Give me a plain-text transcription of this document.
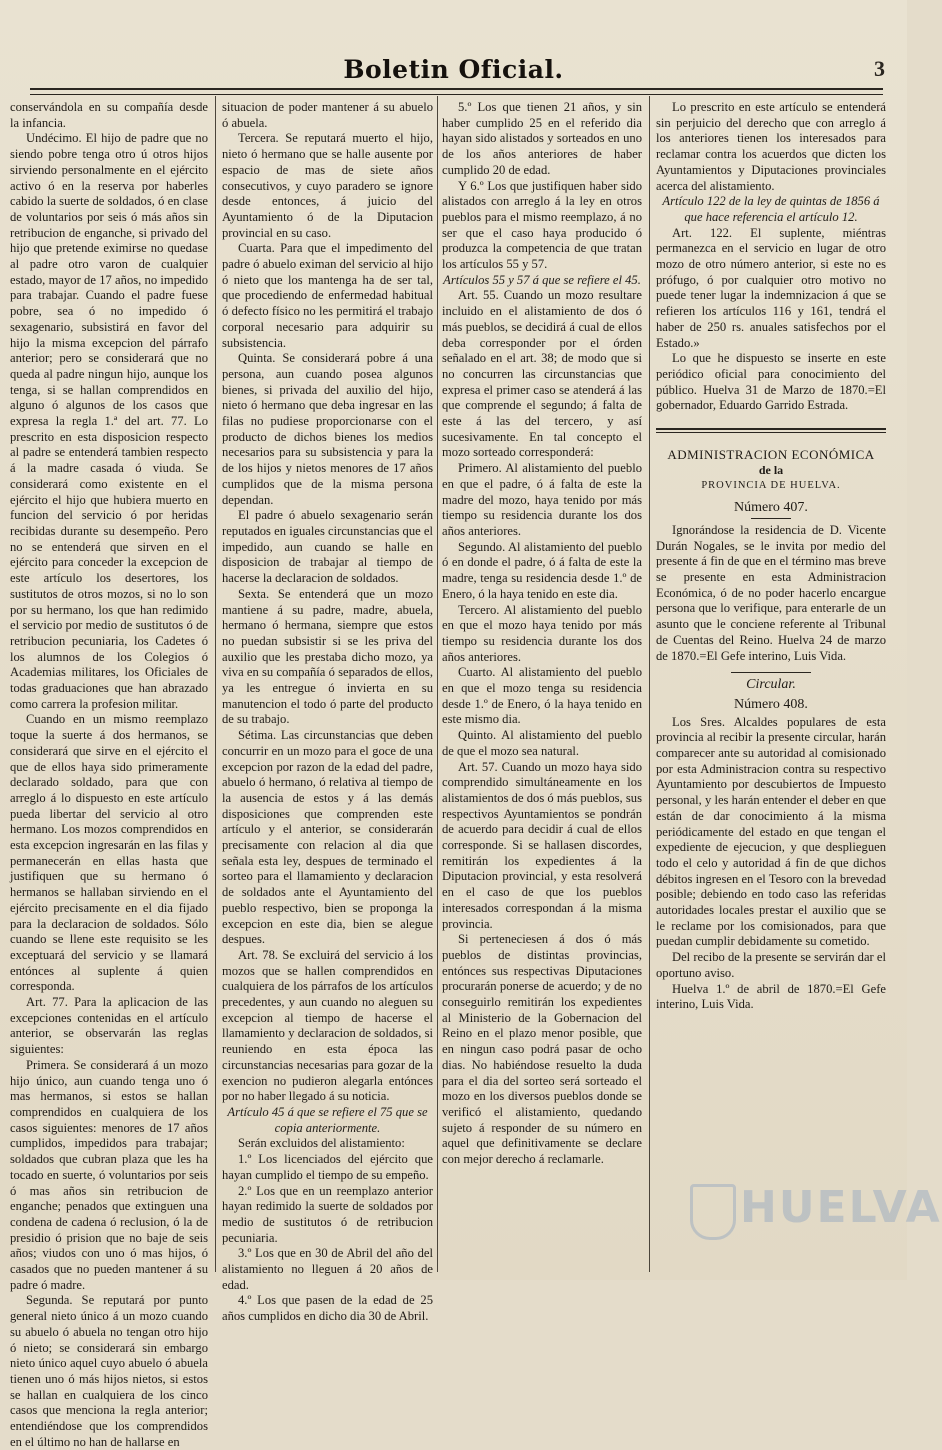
Boletin Oficial.	3

conservándola en su compañía desde la infancia.

Undécimo. El hijo de padre que no siendo pobre tenga otro ú otros hijos sirviendo personalmente en el ejército activo ó en la reserva por haberles cabido la suerte de soldados, ó en clase de voluntarios por seis ó más años sin retribucion de enganche, si privado del hijo que pretende eximirse no quedase al padre otro varon de cualquier estado, mayor de 17 años, no impedido para trabajar. Cuando el padre fuese pobre, sea ó no impedido ó sexagenario, subsistirá en favor del hijo la misma excepcion del párrafo anterior; pero se considerará que no queda al padre ningun hijo, aunque los tenga, si se hallan comprendidos en alguno ó algunos de los casos que expresa la regla 1.ª del art. 77. Lo prescrito en esta disposicion respecto al padre se entenderá tambien respecto á la madre casada ó viuda. Se considerará como existente en el ejército el hijo que hubiera muerto en funcion del servicio ó por heridas recibidas durante su desempeño. Pero no se entenderá que sirven en el ejército para conceder la excepcion de este artículo los desertores, los sustitutos de otros mozos, si no lo son por su hermano, los que han redimido el servicio por medio de sustitutos ó de retribucion pecuniaria, los Cadetes ó los alumnos de los Colegios ó Academias militares, los Oficiales de todas graduaciones que han abrazado como carrera la profesion militar.

Cuando en un mismo reemplazo toque la suerte á dos hermanos, se considerará que sirve en el ejército el que de ellos haya sido primeramente declarado soldado, para que con arreglo á lo dispuesto en este artículo pueda libertar del servicio al otro hermano. Los mozos comprendidos en esta excepcion ingresarán en las filas y permanecerán en ellas hasta que justifiquen que su hermano ó hermanos se hallaban sirviendo en el ejército precisamente en el dia fijado para la declaracion de soldados. Sólo cuando se llene este requisito se les exceptuará del servicio y se llamará entónces al suplente á quien corresponda.

Art. 77. Para la aplicacion de las excepciones contenidas en el artículo anterior, se observarán las reglas siguientes:

Primera. Se considerará á un mozo hijo único, aun cuando tenga uno ó mas hermanos, si estos se hallan comprendidos en cualquiera de los casos siguientes: menores de 17 años cumplidos, impedidos para trabajar; soldados que cubran plaza que les ha tocado en suerte, ó voluntarios por seis ó mas años sin retribucion de enganche; penados que extinguen una condena de cadena ó reclusion, ó la de presidio ó prision que no baje de seis años; viudos con uno ó mas hijos, ó casados que no pueden mantener á su padre ó madre.

Segunda. Se reputará por punto general nieto único á un mozo cuando su abuelo ó abuela no tengan otro hijo ó nieto; se considerará sin embargo nieto único aquel cuyo abuelo ó abuela tienen uno ó más hijos nietos, si estos se hallan en cualquiera de los cinco casos que menciona la regla anterior; entendiéndose que los comprendidos en el último no han de hallarse en

situacion de poder mantener á su abuelo ó abuela.

Tercera. Se reputará muerto el hijo, nieto ó hermano que se halle ausente por espacio de mas de siete años consecutivos, y cuyo paradero se ignore desde entonces, á juicio del Ayuntamiento ó de la Diputacion provincial en su caso.

Cuarta. Para que el impedimento del padre ó abuelo eximan del servicio al hijo ó nieto que los mantenga ha de ser tal, que procediendo de enfermedad habitual ó defecto físico no les permitirá el trabajo corporal necesario para adquirir su subsistencia.

Quinta. Se considerará pobre á una persona, aun cuando posea algunos bienes, si privada del auxilio del hijo, nieto ó hermano que deba ingresar en las filas no pudiese proporcionarse con el producto de dichos bienes los medios necesarios para su subsistencia y para la de los hijos y nietos menores de 17 años cumplidos que de la misma persona dependan.

El padre ó abuelo sexagenario serán reputados en iguales circunstancias que el impedido, aun cuando se halle en disposicion de trabajar al tiempo de hacerse la declaracion de soldados.

Sexta. Se entenderá que un mozo mantiene á su padre, madre, abuela, hermano ó hermana, siempre que estos no puedan subsistir si se les priva del auxilio que les prestaba dicho mozo, ya viva en su compañía ó separados de ellos, ya les entregue ó invierta en su manutencion el todo ó parte del producto de su trabajo.

Sétima. Las circunstancias que deben concurrir en un mozo para el goce de una excepcion por razon de la edad del padre, abuelo ó hermano, ó relativa al tiempo de la ausencia de estos y á las demás disposiciones que comprenden este artículo y el anterior, se considerarán precisamente con relacion al dia que señala esta ley, despues de terminado el sorteo para el llamamiento y declaracion de soldados ante el Ayuntamiento del pueblo respectivo, bien se proponga la excepcion en este dia, bien se alegue despues.

Art. 78. Se excluirá del servicio á los mozos que se hallen comprendidos en cualquiera de los párrafos de los artículos precedentes, y aun cuando no aleguen su excepcion al tiempo de hacerse el llamamiento y declaracion de soldados, si reuniendo en esta época las circunstancias necesarias para gozar de la exencion no pudieron alegarla entónces por no haber llegado á su noticia.

Artículo 45 á que se refiere el 75 que se copia anteriormente.

Serán excluidos del alistamiento:

1.º Los licenciados del ejército que hayan cumplido el tiempo de su empeño.

2.º Los que en un reemplazo anterior hayan redimido la suerte de soldados por medio de sustitutos ó de retribucion pecuniaria.

3.º Los que en 30 de Abril del año del alistamiento no lleguen á 20 años de edad.

4.º Los que pasen de la edad de 25 años cumplidos en dicho dia 30 de Abril.

5.º Los que tienen 21 años, y sin haber cumplido 25 en el referido dia hayan sido alistados y sorteados en uno de los años anteriores de haber cumplido 20 de edad.

Y 6.º Los que justifiquen haber sido alistados con arreglo á la ley en otros pueblos para el mismo reemplazo, á no ser que el caso haya producido ó produzca la competencia de que tratan los artículos 55 y 57.

Artículos 55 y 57 á que se refiere el 45.

Art. 55. Cuando un mozo resultare incluido en el alistamiento de dos ó más pueblos, se decidirá á cual de ellos deba corresponder por el órden señalado en el art. 38; de modo que si no concurren las circunstancias que expresa el primer caso se atenderá á las que comprende el segundo; á falta de este á las del tercero, y así sucesivamente. En tal concepto el mozo sorteado corresponderá:

Primero. Al alistamiento del pueblo en que el padre, ó á falta de este la madre del mozo, haya tenido por más tiempo su residencia durante los dos años anteriores.

Segundo. Al alistamiento del pueblo ó en donde el padre, ó á falta de este la madre, tenga su residencia desde 1.º de Enero, ó la haya tenido en este dia.

Tercero. Al alistamiento del pueblo en que el mozo haya tenido por más tiempo su residencia durante los dos años anteriores.

Cuarto. Al alistamiento del pueblo en que el mozo tenga su residencia desde 1.º de Enero, ó la haya tenido en este mismo dia.

Quinto. Al alistamiento del pueblo de que el mozo sea natural.

Art. 57. Cuando un mozo haya sido comprendido simultáneamente en los alistamientos de dos ó más pueblos, sus respectivos Ayuntamientos se pondrán de acuerdo para decidir á cual de ellos corresponde. Si se hallasen discordes, remitirán los expedientes á la Diputacion provincial, y esta resolverá en el caso de que los pueblos interesados correspondan á la misma provincia.

Si perteneciesen á dos ó más pueblos de distintas provincias, entónces sus respectivas Diputaciones procurarán ponerse de acuerdo; y de no conseguirlo remitirán los expedientes al Ministerio de la Gobernacion del Reino en el plazo menor posible, que en ningun caso podrá pasar de ocho dias. No habiéndose resuelto la duda para el dia del sorteo será sorteado el mozo en los diversos pueblos donde se verificó el alistamiento, quedando sujeto á responder de su número en aquel que definitivamente se declare con mejor derecho á reclamarle.

Lo prescrito en este artículo se entenderá sin perjuicio del derecho que con arreglo á los anteriores tienen los interesados para reclamar contra los acuerdos que dicten los Ayuntamientos y Diputaciones provinciales acerca del alistamiento.

Artículo 122 de la ley de quintas de 1856 á que hace referencia el artículo 12.

Art. 122. El suplente, miéntras permanezca en el servicio en lugar de otro mozo de otro número anterior, si este no es prófugo, ó por cualquier otro motivo no puede tener lugar la indemnizacion á que se refieren los artículos 116 y 161, tendrá el haber de 250 rs. anuales satisfechos por el Estado.»

Lo que he dispuesto se inserte en este periódico oficial para conocimiento del público. Huelva 31 de Marzo de 1870.=El gobernador, Eduardo Garrido Estrada.

ADMINISTRACION ECONÓMICA
de la
PROVINCIA DE HUELVA.
Número 407.

Ignorándose la residencia de D. Vicente Durán Nogales, se le invita por medio del presente á fin de que en el término mas breve se presente en esta Administracion Económica, ó de no poder hacerlo encargue persona que lo verifique, para enterarle de un asunto que le conciene referente al Tribunal de Cuentas del Reino. Huelva 24 de marzo de 1870.=El Gefe interino, Luis Vida.

Circular.
Número 408.

Los Sres. Alcaldes populares de esta provincia al recibir la presente circular, harán comparecer ante su autoridad al comisionado por esta Administracion contra su respectivo Ayuntamiento por descubiertos de Impuesto personal, y les harán entender el deber en que están de dar conocimiento á la misma periódicamente del estado en que tengan el expediente de ejecucion, y que desplieguen todo el celo y autoridad á fin de que dichos débitos ingresen en el Tesoro con la brevedad posible; debiendo en todo caso las referidas autoridades locales prestar el auxilio que se le reclame por los comisionados, para que puedan cumplir debidamente su cometido.

Del recibo de la presente se servirán dar el oportuno aviso.

Huelva 1.º de abril de 1870.=El Gefe interino, Luis Vida.

HUELVA
